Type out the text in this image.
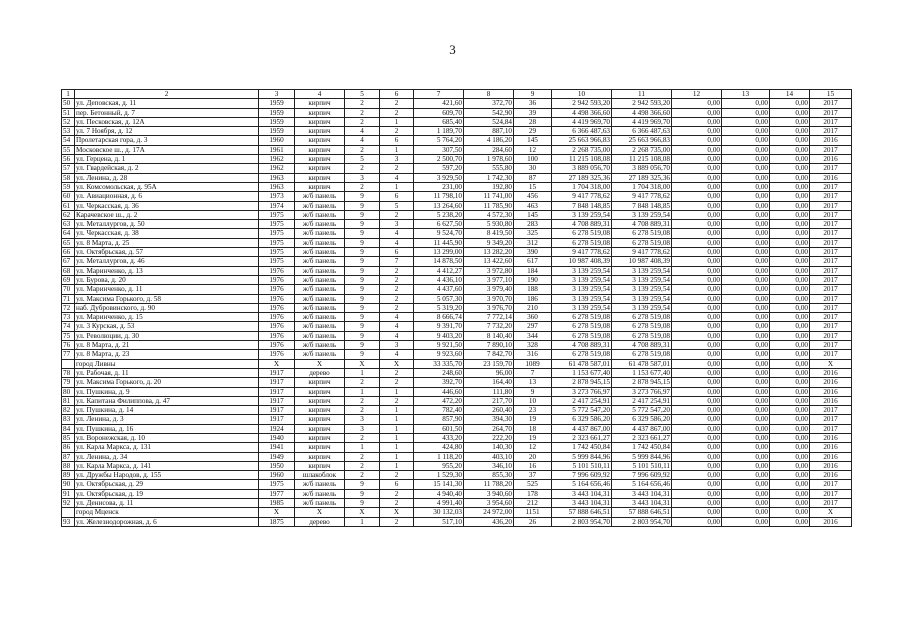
3
1	2	3	4	5	6	7	8	9	10	11	12	13	14	15
50	ул. Деповская, д. 11	1959	кирпич	2	2	421,60	372,70	36	2 942 593,20	2 942 593,20	0,00	0,00	0,00	2017
51	пер. Бетонный, д. 7	1959	кирпич	2	2	609,70	542,90	39	4 498 366,60	4 498 366,60	0,00	0,00	0,00	2017
52	ул. Песковская, д. 12А	1959	кирпич	2	1	685,40	524,84	28	4 419 969,70	4 419 969,70	0,00	0,00	0,00	2017
53	ул. 7 Ноября, д. 12	1959	кирпич	4	2	1 189,70	887,10	29	6 366 487,63	6 366 487,63	0,00	0,00	0,00	2017
54	Пролетарская гора, д. 3	1960	кирпич	4	6	5 764,20	4 186,20	145	25 663 966,83	25 663 966,83	0,00	0,00	0,00	2016
55	Московское ш., д. 17А	1961	кирпич	2	1	307,50	284,60	12	2 268 735,00	2 268 735,00	0,00	0,00	0,00	2017
56	ул. Герцена, д. 1	1962	кирпич	5	3	2 500,70	1 978,60	100	11 215 108,08	11 215 108,08	0,00	0,00	0,00	2016
57	ул. Гвардейская, д. 2	1962	кирпич	2	2	597,20	555,80	30	3 889 056,70	3 889 056,70	0,00	0,00	0,00	2017
58	ул. Ленина, д. 28	1963	кирпич	3	4	3 929,50	1 742,30	87	27 189 325,36	27 189 325,36	0,00	0,00	0,00	2016
59	ул. Комсомольская, д. 95А	1963	кирпич	2	1	231,00	192,80	15	1 704 318,00	1 704 318,00	0,00	0,00	0,00	2017
60	ул. Авиационная, д. 6	1973	ж/б панель	9	6	11 798,10	11 741,00	456	9 417 778,62	9 417 778,62	0,00	0,00	0,00	2017
61	ул. Черкасская, д. 36	1974	ж/б панель	9	5	13 264,60	11 785,90	463	7 848 148,85	7 848 148,85	0,00	0,00	0,00	2017
62	Карачевское ш., д. 2	1975	ж/б панель	9	2	5 238,20	4 572,30	145	3 139 259,54	3 139 259,54	0,00	0,00	0,00	2017
63	ул. Металлургов, д. 50	1975	ж/б панель	9	3	6 627,50	5 930,80	283	4 708 889,31	4 708 889,31	0,00	0,00	0,00	2017
64	ул. Черкасская, д. 38	1975	ж/б панель	9	4	9 524,70	8 419,50	325	6 278 519,08	6 278 519,08	0,00	0,00	0,00	2017
65	ул. 8 Марта, д. 25	1975	ж/б панель	9	4	11 445,90	9 349,20	312	6 278 519,08	6 278 519,08	0,00	0,00	0,00	2017
66	ул. Октябрьская, д. 57	1975	ж/б панель	9	6	13 299,00	13 282,20	390	9 417 778,62	9 417 778,62	0,00	0,00	0,00	2017
67	ул. Металлургов, д. 46	1975	ж/б панель	9	7	14 878,50	13 422,60	617	10 987 408,39	10 987 408,39	0,00	0,00	0,00	2017
68	ул. Маринченко, д. 13	1976	ж/б панель	9	2	4 412,27	3 972,80	184	3 139 259,54	3 139 259,54	0,00	0,00	0,00	2017
69	ул. Бурова, д. 20	1976	ж/б панель	9	2	4 436,10	3 977,10	190	3 139 259,54	3 139 259,54	0,00	0,00	0,00	2017
70	ул. Маринченко, д. 11	1976	ж/б панель	9	2	4 437,60	3 979,40	188	3 139 259,54	3 139 259,54	0,00	0,00	0,00	2017
71	ул. Максима Горького, д. 58	1976	ж/б панель	9	2	5 057,30	3 970,70	186	3 139 259,54	3 139 259,54	0,00	0,00	0,00	2017
72	наб. Дубровинского, д. 90	1976	ж/б панель	9	2	5 319,20	3 976,70	210	3 139 259,54	3 139 259,54	0,00	0,00	0,00	2017
73	ул. Маринченко, д. 15	1976	ж/б панель	9	4	8 666,74	7 772,14	360	6 278 519,08	6 278 519,08	0,00	0,00	0,00	2017
74	ул. 3 Курская, д. 53	1976	ж/б панель	9	4	9 391,70	7 732,20	297	6 278 519,08	6 278 519,08	0,00	0,00	0,00	2017
75	ул. Революции, д. 30	1976	ж/б панель	9	4	9 403,20	8 140,40	344	6 278 519,08	6 278 519,08	0,00	0,00	0,00	2017
76	ул. 8 Марта, д. 21	1976	ж/б панель	9	3	9 921,50	7 890,10	328	4 708 889,31	4 708 889,31	0,00	0,00	0,00	2017
77	ул. 8 Марта, д. 23	1976	ж/б панель	9	4	9 923,60	7 842,70	316	6 278 519,08	6 278 519,08	0,00	0,00	0,00	2017
	город Ливны	Х	Х	Х	Х	33 335,70	23 159,70	1089	61 478 587,01	61 478 587,01	0,00	0,00	0,00	Х
78	ул. Рабочая, д. 11	1917	дерево	1	2	248,60	96,00	7	1 153 677,40	1 153 677,40	0,00	0,00	0,00	2016
79	ул. Максима Горького, д. 20	1917	кирпич	2	2	392,70	164,40	13	2 878 945,15	2 878 945,15	0,00	0,00	0,00	2016
80	ул. Пушкина, д. 9	1917	кирпич	1	1	446,60	111,80	9	3 273 766,97	3 273 766,97	0,00	0,00	0,00	2016
81	ул. Капитана Филиппова, д. 47	1917	кирпич	2	2	472,20	217,70	10	2 417 254,91	2 417 254,91	0,00	0,00	0,00	2016
82	ул. Пушкина, д. 14	1917	кирпич	2	1	782,40	260,40	23	5 772 547,20	5 772 547,20	0,00	0,00	0,00	2017
83	ул. Ленина, д. 3	1917	кирпич	3	1	857,90	394,30	19	6 329 586,20	6 329 586,20	0,00	0,00	0,00	2017
84	ул. Пушкина, д. 16	1924	кирпич	3	1	601,50	264,70	18	4 437 867,00	4 437 867,00	0,00	0,00	0,00	2017
85	ул. Воронежская, д. 10	1940	кирпич	2	1	433,20	222,20	19	2 323 661,27	2 323 661,27	0,00	0,00	0,00	2016
86	ул. Карла Маркса, д. 131	1941	кирпич	1	1	424,80	140,30	12	1 742 450,84	1 742 450,84	0,00	0,00	0,00	2016
87	ул. Ленина, д. 34	1949	кирпич	2	1	1 118,20	403,10	20	5 999 844,96	5 999 844,96	0,00	0,00	0,00	2016
88	ул. Карла Маркса, д. 141	1950	кирпич	2	1	955,20	346,10	16	5 101 510,11	5 101 510,11	0,00	0,00	0,00	2016
89	ул. Дружбы Народов, д. 155	1960	шлакоблок	2	2	1 529,30	855,30	37	7 996 609,92	7 996 609,92	0,00	0,00	0,00	2016
90	ул. Октябрьская, д. 29	1975	ж/б панель	9	6	15 141,30	11 788,20	525	5 164 656,46	5 164 656,46	0,00	0,00	0,00	2017
91	ул. Октябрьская, д. 19	1977	ж/б панель	9	2	4 940,40	3 940,60	178	3 443 104,31	3 443 104,31	0,00	0,00	0,00	2017
92	ул. Денисова, д. 11	1985	ж/б панель	9	2	4 991,40	3 954,60	212	3 443 104,31	3 443 104,31	0,00	0,00	0,00	2017
	город Мценск	Х	Х	Х	Х	30 132,03	24 972,00	1151	57 888 646,51	57 888 646,51	0,00	0,00	0,00	Х
93	ул. Железнодорожная, д. 6	1875	дерево	1	2	517,10	436,20	26	2 803 954,70	2 803 954,70	0,00	0,00	0,00	2016
